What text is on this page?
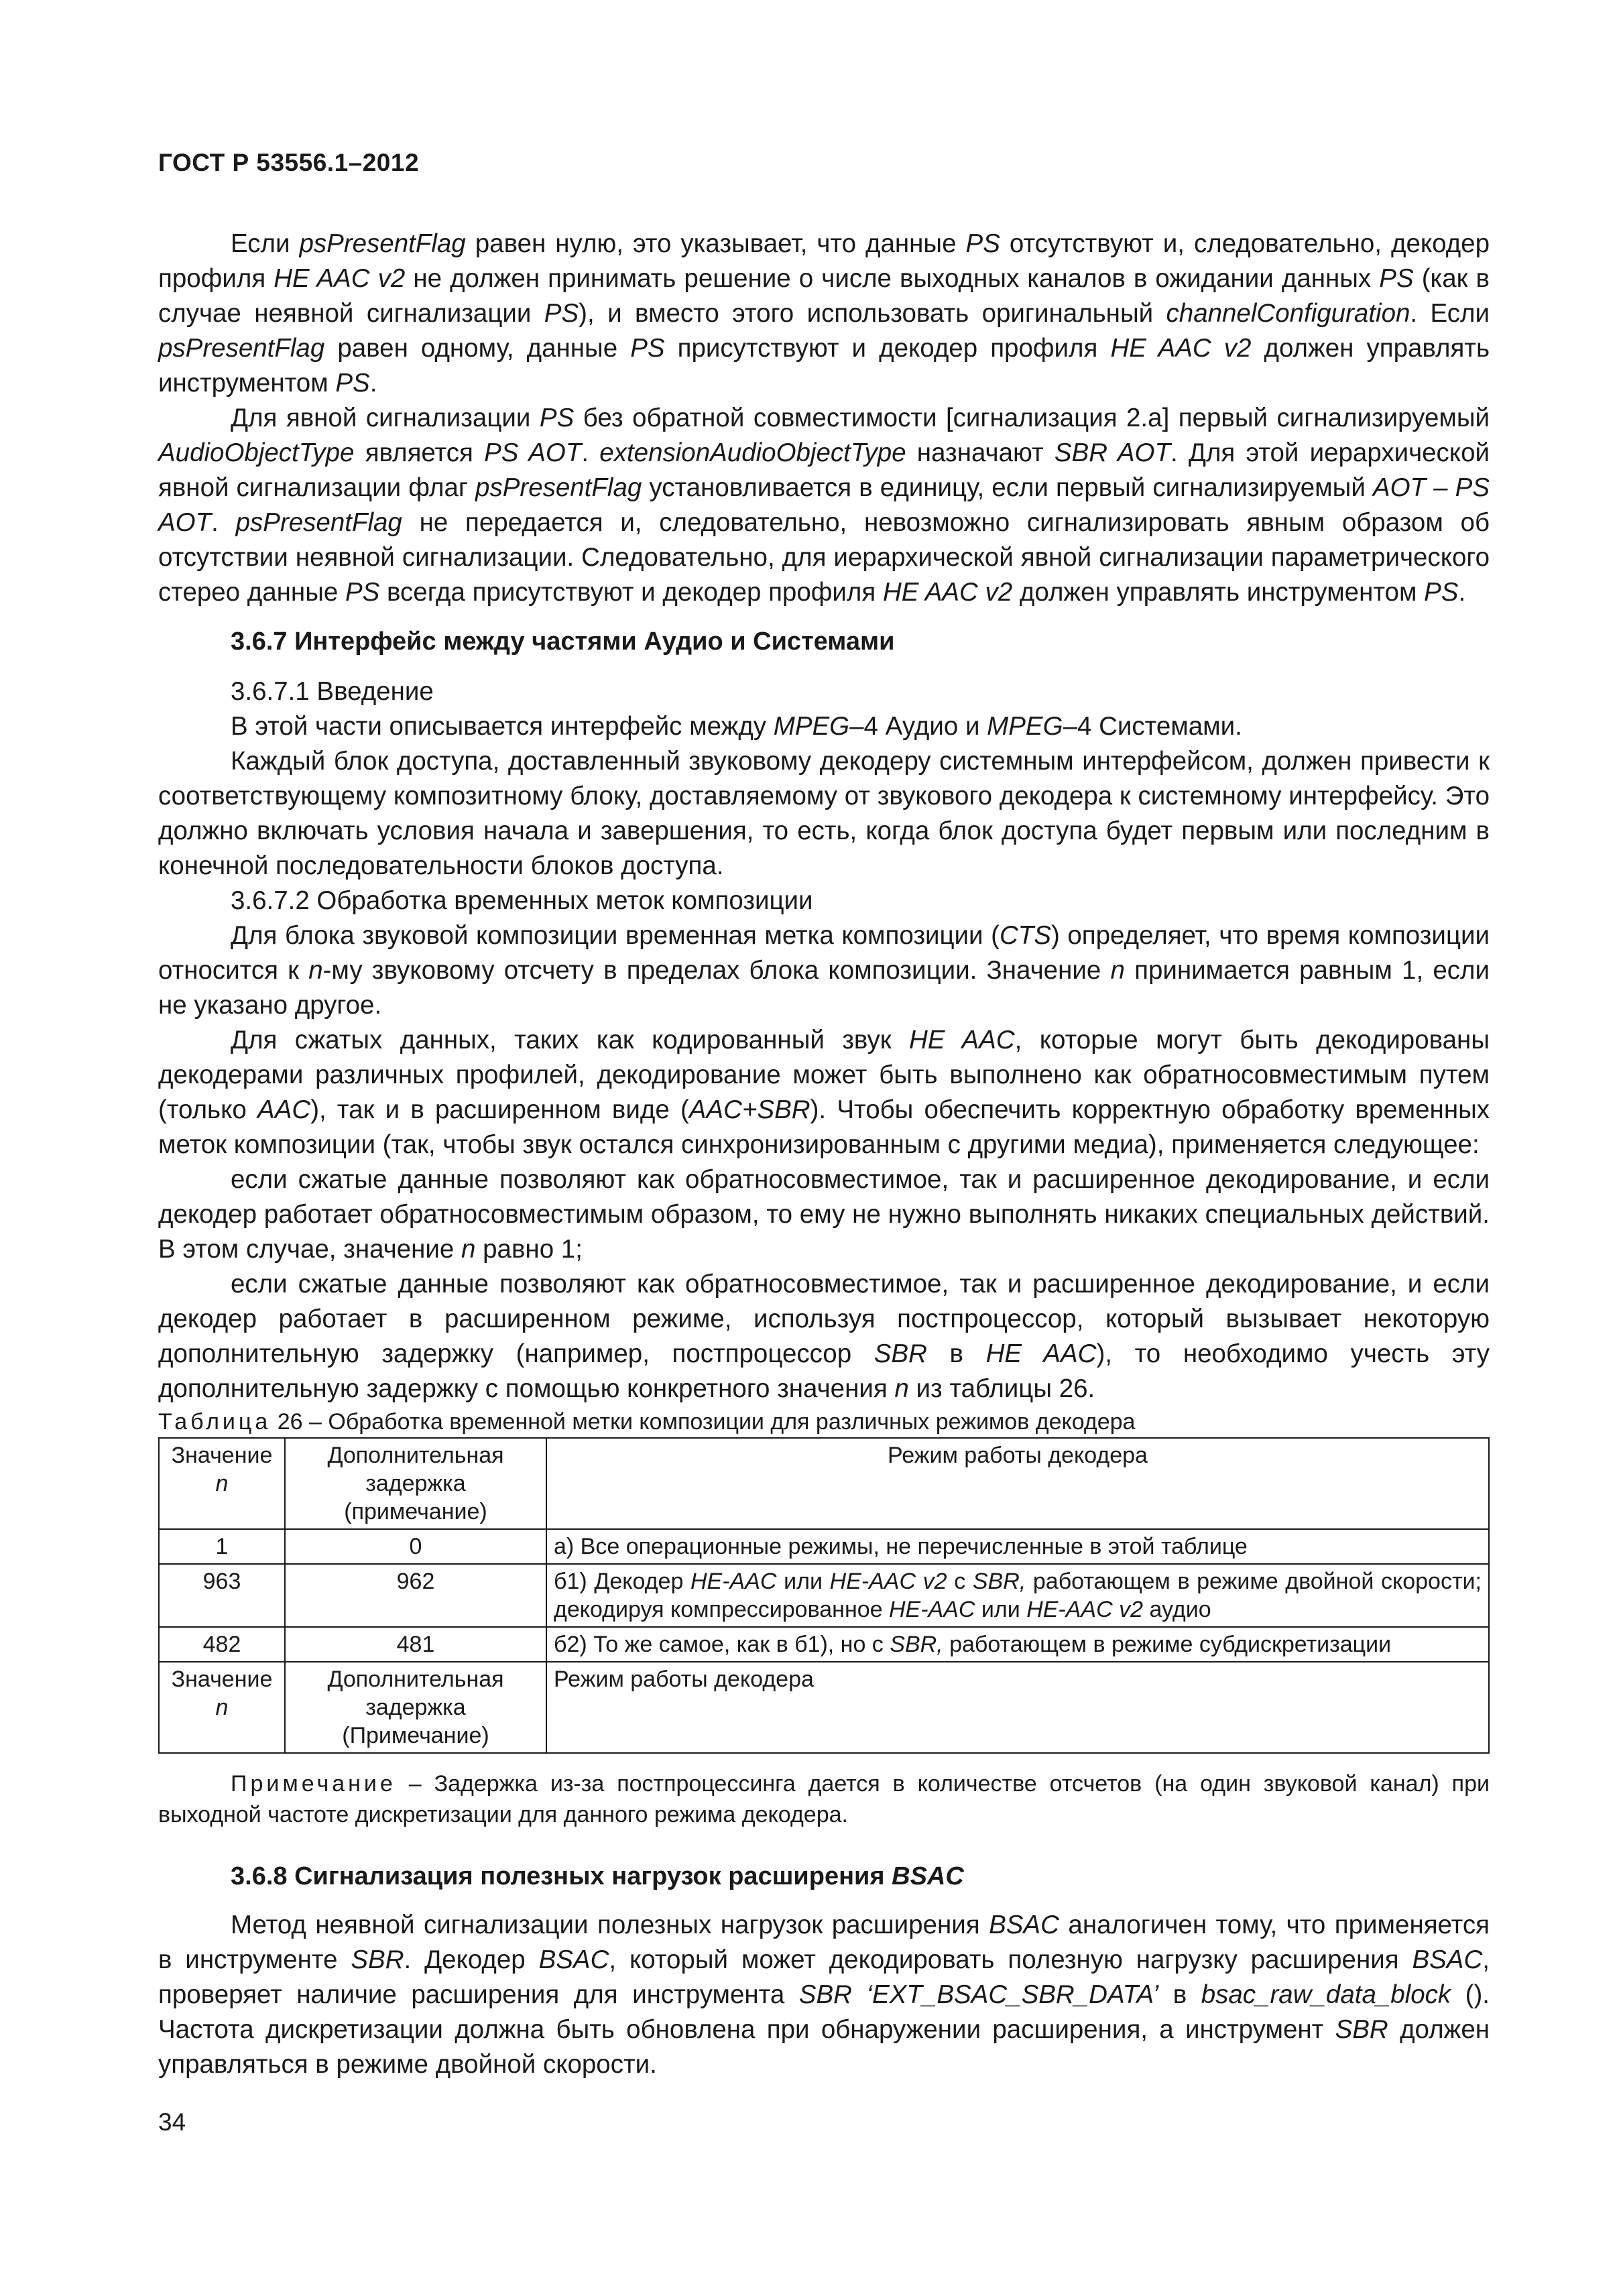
ГОСТ Р 53556.1–2012

Если psPresentFlag равен нулю, это указывает, что данные PS отсутствуют и, следовательно, декодер профиля HE AAC v2 не должен принимать решение о числе выходных каналов в ожидании данных PS (как в случае неявной сигнализации PS), и вместо этого использовать оригинальный channelConfiguration. Если psPresentFlag равен одному, данные PS присутствуют и декодер профиля HE AAC v2 должен управлять инструментом PS.

Для явной сигнализации PS без обратной совместимости [сигнализация 2.а] первый сигнализируемый AudioObjectType является PS AOT. extensionAudioObjectType назначают SBR AOT. Для этой иерархической явной сигнализации флаг psPresentFlag установливается в единицу, если первый сигнализируемый AOT – PS AOT. psPresentFlag не передается и, следовательно, невозможно сигнализировать явным образом об отсутствии неявной сигнализации. Следовательно, для иерархической явной сигнализации параметрического стерео данные PS всегда присутствуют и декодер профиля HE AAC v2 должен управлять инструментом PS.

3.6.7 Интерфейс между частями Аудио и Системами

3.6.7.1 Введение

В этой части описывается интерфейс между MPEG–4 Аудио и MPEG–4 Системами.

Каждый блок доступа, доставленный звуковому декодеру системным интерфейсом, должен привести к соответствующему композитному блоку, доставляемому от звукового декодера к системному интерфейсу. Это должно включать условия начала и завершения, то есть, когда блок доступа будет первым или последним в конечной последовательности блоков доступа.

3.6.7.2 Обработка временных меток композиции

Для блока звуковой композиции временная метка композиции (CTS) определяет, что время композиции относится к n-му звуковому отсчету в пределах блока композиции. Значение n принимается равным 1, если не указано другое.

Для сжатых данных, таких как кодированный звук HE AAC, которые могут быть декодированы декодерами различных профилей, декодирование может быть выполнено как обратносовместимым путем (только AAC), так и в расширенном виде (AAC+SBR). Чтобы обеспечить корректную обработку временных меток композиции (так, чтобы звук остался синхронизированным с другими медиа), применяется следующее:

если сжатые данные позволяют как обратносовместимое, так и расширенное декодирование, и если декодер работает обратносовместимым образом, то ему не нужно выполнять никаких специальных действий. В этом случае, значение n равно 1;

если сжатые данные позволяют как обратносовместимое, так и расширенное декодирование, и если декодер работает в расширенном режиме, используя постпроцессор, который вызывает некоторую дополнительную задержку (например, постпроцессор SBR в HE AAC), то необходимо учесть эту дополнительную задержку с помощью конкретного значения n из таблицы 26.

Таблица 26 – Обработка временной метки композиции для различных режимов декодера

Значение
n	Дополнительная задержка (примечание)	Режим работы декодера
1	0	а) Все операционные режимы, не перечисленные в этой таблице
963	962	б1) Декодер HE-AAC или HE-AAC v2 с SBR, работающем в режиме двойной скорости; декодируя компрессированное HE-AAC или HE-AAC v2 аудио
482	481	б2) То же самое, как в б1), но с SBR, работающем в режиме субдискретизации
Значение
n	Дополнительная задержка (Примечание)	Режим работы декодера

Примечание – Задержка из-за постпроцессинга дается в количестве отсчетов (на один звуковой канал) при выходной частоте дискретизации для данного режима декодера.

3.6.8 Сигнализация полезных нагрузок расширения BSAC

Метод неявной сигнализации полезных нагрузок расширения BSAC аналогичен тому, что применяется в инструменте SBR. Декодер BSAC, который может декодировать полезную нагрузку расширения BSAC, проверяет наличие расширения для инструмента SBR ‘EXT_BSAC_SBR_DATA’ в bsac_raw_data_block (). Частота дискретизации должна быть обновлена при обнаружении расширения, а инструмент SBR должен управляться в режиме двойной скорости.

34
